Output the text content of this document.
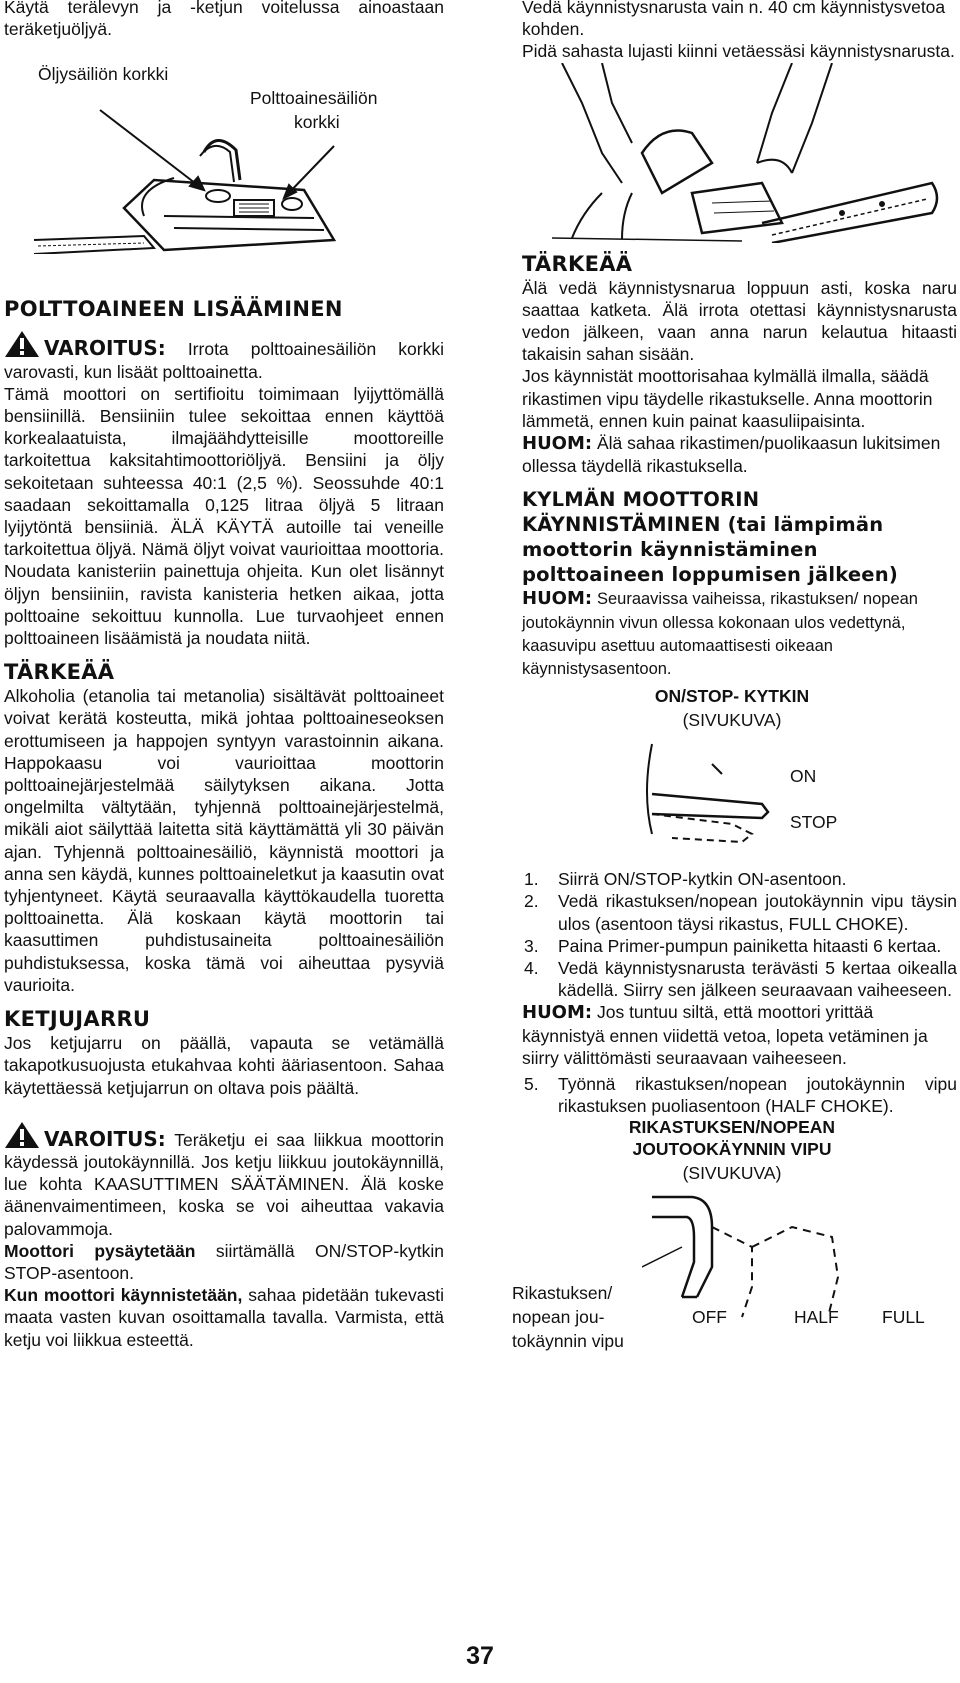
Käytä terälevyn ja -ketjun voitelussa ainoastaan teräketjuöljyä.

Öljysäiliön korkki
Polttoainesäiliön
korkki
POLTTOAINEEN LISÄÄMINEN

VAROITUS: Irrota polttoainesäiliön korkki varovasti, kun lisäät polttoainetta.

Tämä moottori on sertifioitu toimimaan lyijyttömällä bensiinillä. Bensiiniin tulee sekoittaa ennen käyttöä korkealaatuista, ilmajäähdytteisille moottoreille tarkoitettua kaksitahtimoottoriöljyä. Bensiini ja öljy sekoitetaan suhteessa 40:1 (2,5 %). Seossuhde 40:1 saadaan sekoittamalla 0,125 litraa öljyä 5 litraan lyijytöntä bensiiniä. ÄLÄ KÄYTÄ autoille tai veneille tarkoitettua öljyä. Nämä öljyt voivat vaurioittaa moottoria. Noudata kanisteriin painettuja ohjeita. Kun olet lisännyt öljyn bensiiniin, ravista kanisteria hetken aikaa, jotta polttoaine sekoittuu kunnolla. Lue turvaohjeet ennen polttoaineen lisäämistä ja noudata niitä.

TÄRKEÄÄ

Alkoholia (etanolia tai metanolia) sisältävät polttoaineet voivat kerätä kosteutta, mikä johtaa polttoaineseoksen erottumiseen ja happojen syntyyn varastoinnin aikana. Happokaasu voi vaurioittaa moottorin polttoainejärjestelmää säilytyksen aikana. Jotta ongelmilta vältytään, tyhjennä polttoainejärjestelmä, mikäli aiot säilyttää laitetta sitä käyttämättä yli 30 päivän ajan. Tyhjennä polttoainesäiliö, käynnistä moottori ja anna sen käydä, kunnes polttoaineletkut ja kaasutin ovat tyhjentyneet. Käytä seuraavalla käyttökaudella tuoretta polttoainetta. Älä koskaan käytä moottorin tai kaasuttimen puhdistusaineita polttoainesäiliön puhdistuksessa, koska tämä voi aiheuttaa pysyviä vaurioita.

KETJUJARRU

Jos ketjujarru on päällä, vapauta se vetämällä takapotkusuojusta etukahvaa kohti ääriasentoon. Sahaa käytettäessä ketjujarrun on oltava pois päältä.

VAROITUS: Teräketju ei saa liikkua moottorin käydessä joutokäynnillä. Jos ketju liikkuu joutokäynnillä, lue kohta KAASUTTIMEN SÄÄTÄMINEN. Älä koske äänenvaimentimeen, koska se voi aiheuttaa vakavia palovammoja.

Moottori pysäytetään siirtämällä ON/STOP-kytkin STOP-asentoon.

Kun moottori käynnistetään, sahaa pidetään tukevasti maata vasten kuvan osoittamalla tavalla. Varmista, että ketju voi liikkua esteettä.

Vedä käynnistysnarusta vain n. 40 cm käynnistysvetoa kohden.

Pidä sahasta lujasti kiinni vetäessäsi käynnistysnarusta.

TÄRKEÄÄ

Älä vedä käynnistysnarua loppuun asti, koska naru saattaa katketa. Älä irrota otettasi käynnistysnarusta vedon jälkeen, vaan anna narun kelautua hitaasti takaisin sahan sisään.

Jos käynnistät moottorisahaa kylmällä ilmalla, säädä rikastimen vipu täydelle rikastukselle. Anna moottorin lämmetä, ennen kuin painat kaasuliipaisinta.

HUOM: Älä sahaa rikastimen/puolikaasun lukitsimen ollessa täydellä rikastuksella.

KYLMÄN MOOTTORIN KÄYNNISTÄMINEN (tai lämpimän moottorin käynnistäminen polttoaineen loppumisen jälkeen)

HUOM: Seuraavissa vaiheissa, rikastuksen/ nopean joutokäynnin vivun ollessa kokonaan ulos vedettynä, kaasuvipu asettuu automaattisesti oikeaan käynnistysasentoon.

ON/STOP- KYTKIN
(SIVUKUVA)
ON
STOP
1. Siirrä ON/STOP-kytkin ON-asentoon.
2. Vedä rikastuksen/nopean joutokäynnin vipu täysin ulos (asentoon täysi rikastus, FULL CHOKE).
3. Paina Primer-pumpun painiketta hitaasti 6 kertaa.
4. Vedä käynnistysnarusta terävästi 5 kertaa oikealla kädellä. Siirry sen jälkeen seuraavaan vaiheeseen.

HUOM: Jos tuntuu siltä, että moottori yrittää käynnistyä ennen viidettä vetoa, lopeta vetäminen ja siirry välittömästi seuraavaan vaiheeseen.

5. Työnnä rikastuksen/nopean joutokäynnin vipu rikastuksen puoliasentoon (HALF CHOKE).
RIKASTUKSEN/NOPEAN
JOUTOOKÄYNNIN VIPU
(SIVUKUVA)
Rikastuksen/
nopean jou-
tokäynnin vipu
OFF	HALF FULL
37
